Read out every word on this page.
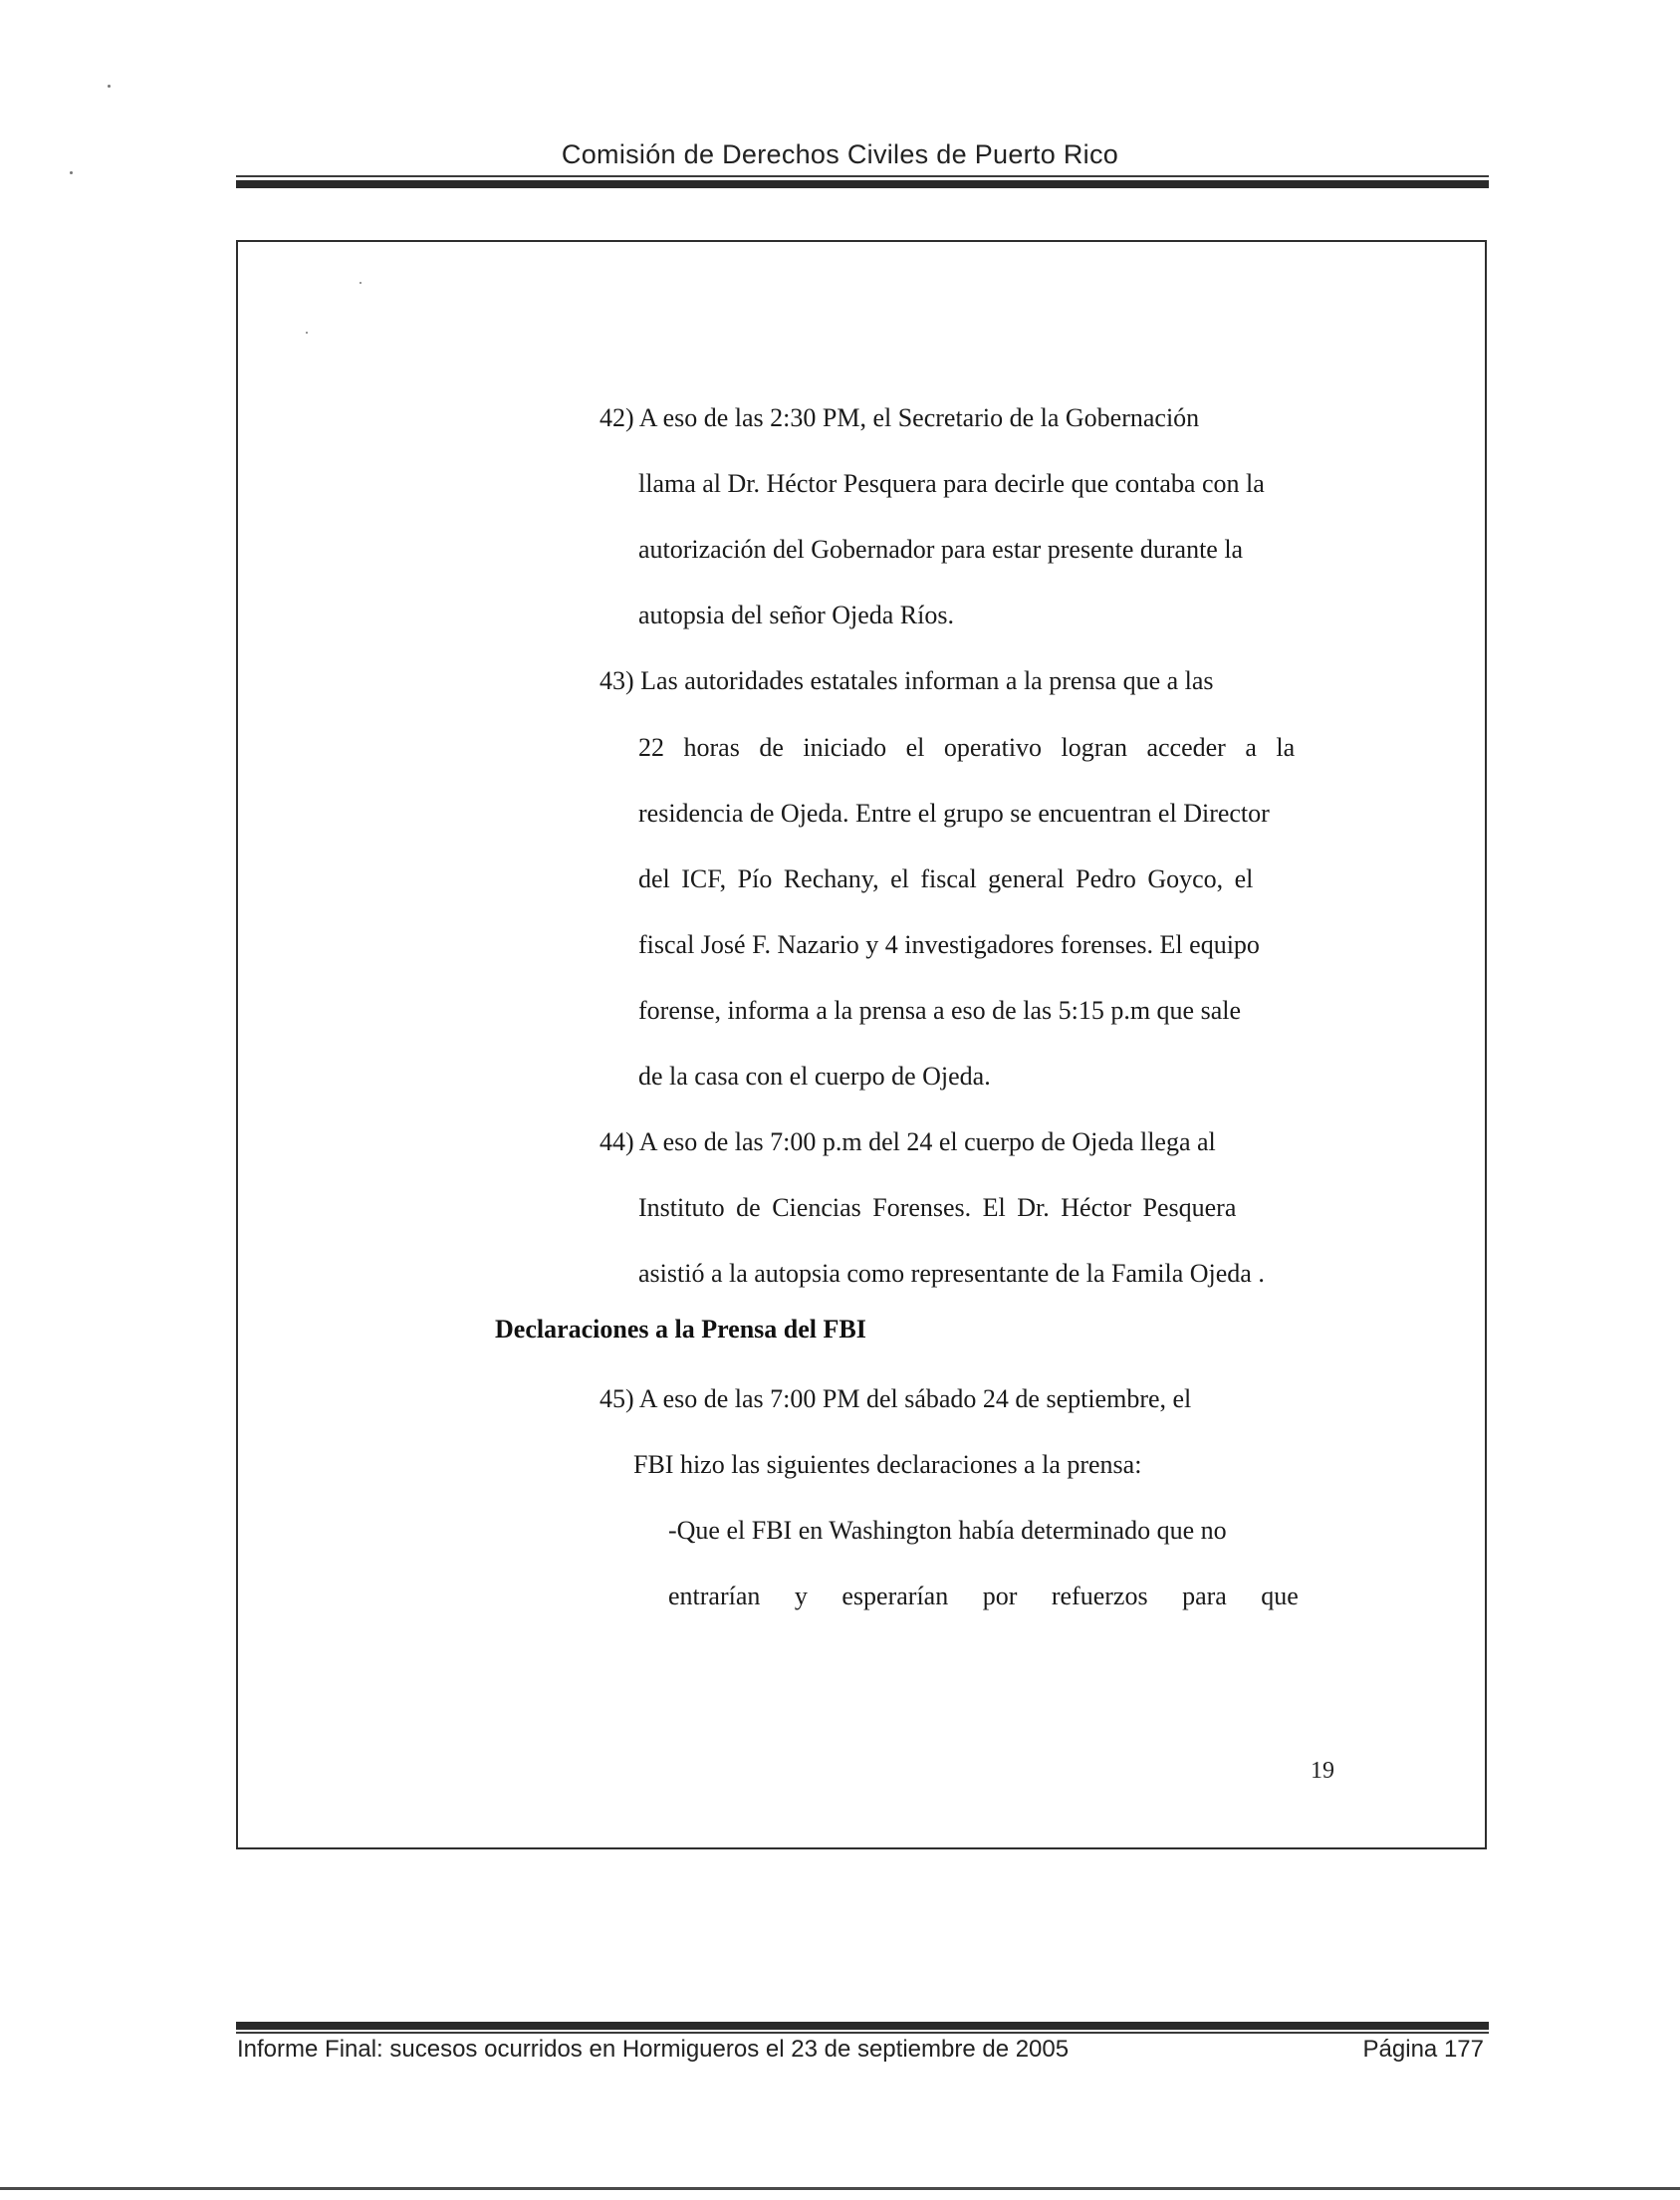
Comisión de Derechos Civiles de Puerto Rico
42) A eso de las 2:30 PM, el Secretario de la Gobernación
llama al Dr. Héctor Pesquera para decirle que contaba con la
autorización del Gobernador para estar presente durante la
autopsia del señor Ojeda Ríos.
43) Las autoridades estatales informan a la prensa que a las
22 horas de iniciado el operativo logran acceder a la
residencia de Ojeda. Entre el grupo se encuentran el Director
del ICF, Pío Rechany, el fiscal general Pedro Goyco, el
fiscal José F. Nazario y 4 investigadores forenses. El equipo
forense, informa a la prensa a eso de las 5:15 p.m que sale
de la casa con el cuerpo de Ojeda.
44) A eso de las 7:00 p.m del 24 el cuerpo de Ojeda llega al
Instituto de Ciencias Forenses. El Dr. Héctor Pesquera
asistió a la autopsia como representante de la Famila Ojeda .
Declaraciones a la Prensa del FBI
45) A eso de las 7:00 PM del sábado 24 de septiembre, el
FBI hizo las siguientes declaraciones a la prensa:
-Que el FBI en Washington había determinado que no
entrarían y esperarían por refuerzos para que
19
Informe Final: sucesos ocurridos en Hormigueros el 23 de septiembre de 2005	Página 177
